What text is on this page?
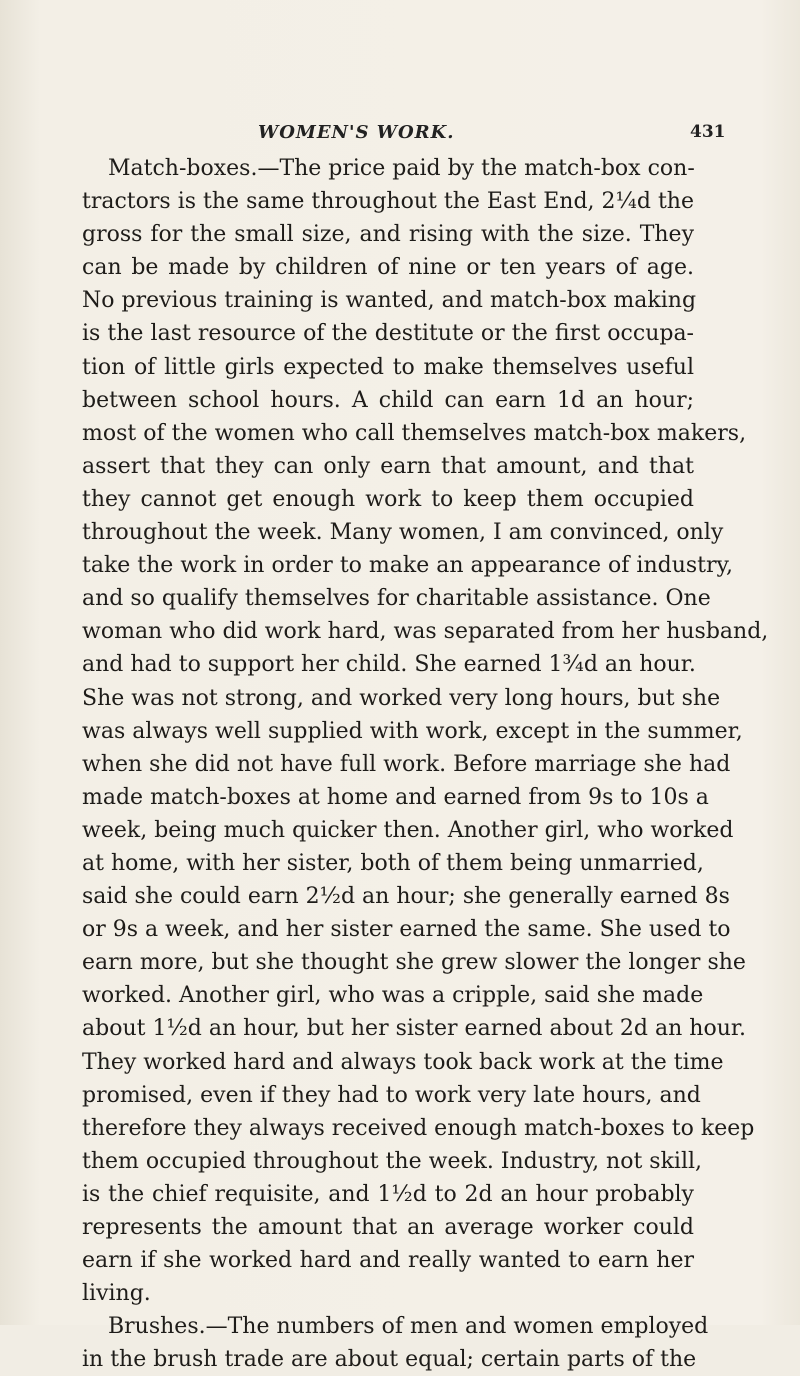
WOMEN'S WORK.	431
Match-boxes.—The price paid by the match-box con-
tractors is the same throughout the East End, 2¼d the
gross for the small size, and rising with the size. They
can be made by children of nine or ten years of age.
No previous training is wanted, and match-box making
is the last resource of the destitute or the first occupa-
tion of little girls expected to make themselves useful
between school hours. A child can earn 1d an hour;
most of the women who call themselves match-box makers,
assert that they can only earn that amount, and that
they cannot get enough work to keep them occupied
throughout the week. Many women, I am convinced, only
take the work in order to make an appearance of industry,
and so qualify themselves for charitable assistance. One
woman who did work hard, was separated from her husband,
and had to support her child. She earned 1¾d an hour.
She was not strong, and worked very long hours, but she
was always well supplied with work, except in the summer,
when she did not have full work. Before marriage she had
made match-boxes at home and earned from 9s to 10s a
week, being much quicker then. Another girl, who worked
at home, with her sister, both of them being unmarried,
said she could earn 2½d an hour; she generally earned 8s
or 9s a week, and her sister earned the same. She used to
earn more, but she thought she grew slower the longer she
worked. Another girl, who was a cripple, said she made
about 1½d an hour, but her sister earned about 2d an hour.
They worked hard and always took back work at the time
promised, even if they had to work very late hours, and
therefore they always received enough match-boxes to keep
them occupied throughout the week. Industry, not skill,
is the chief requisite, and 1½d to 2d an hour probably
represents the amount that an average worker could
earn if she worked hard and really wanted to earn her
living.
Brushes.—The numbers of men and women employed
in the brush trade are about equal; certain parts of the
